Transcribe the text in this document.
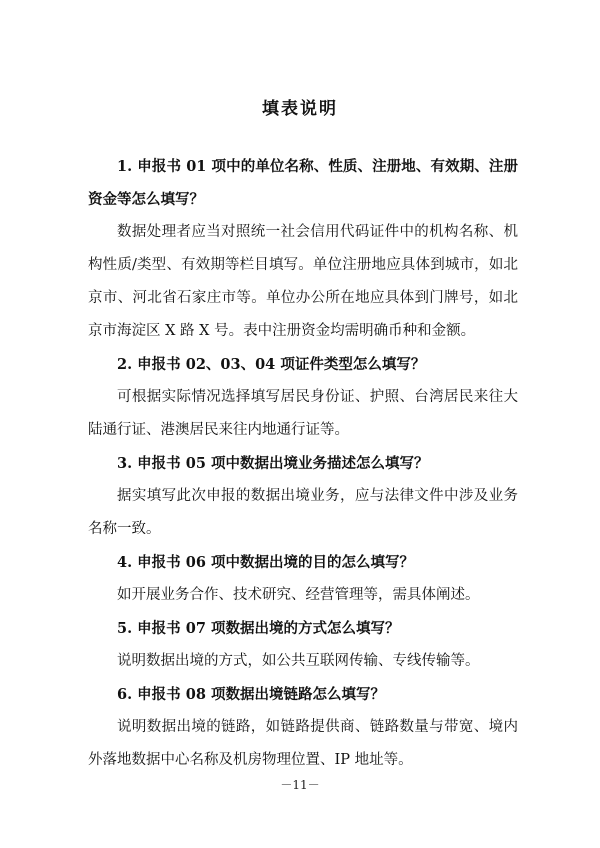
填表说明

1. 申报书 01 项中的单位名称、性质、注册地、有效期、注册资金等怎么填写？

数据处理者应当对照统一社会信用代码证件中的机构名称、机构性质/类型、有效期等栏目填写。单位注册地应具体到城市，如北京市、河北省石家庄市等。单位办公所在地应具体到门牌号，如北京市海淀区 X 路 X 号。表中注册资金均需明确币种和金额。

2. 申报书 02、03、04 项证件类型怎么填写？

可根据实际情况选择填写居民身份证、护照、台湾居民来往大陆通行证、港澳居民来往内地通行证等。

3. 申报书 05 项中数据出境业务描述怎么填写？

据实填写此次申报的数据出境业务，应与法律文件中涉及业务名称一致。

4. 申报书 06 项中数据出境的目的怎么填写？

如开展业务合作、技术研究、经营管理等，需具体阐述。

5. 申报书 07 项数据出境的方式怎么填写？

说明数据出境的方式，如公共互联网传输、专线传输等。

6. 申报书 08 项数据出境链路怎么填写？

说明数据出境的链路，如链路提供商、链路数量与带宽、境内外落地数据中心名称及机房物理位置、IP 地址等。

－11－
